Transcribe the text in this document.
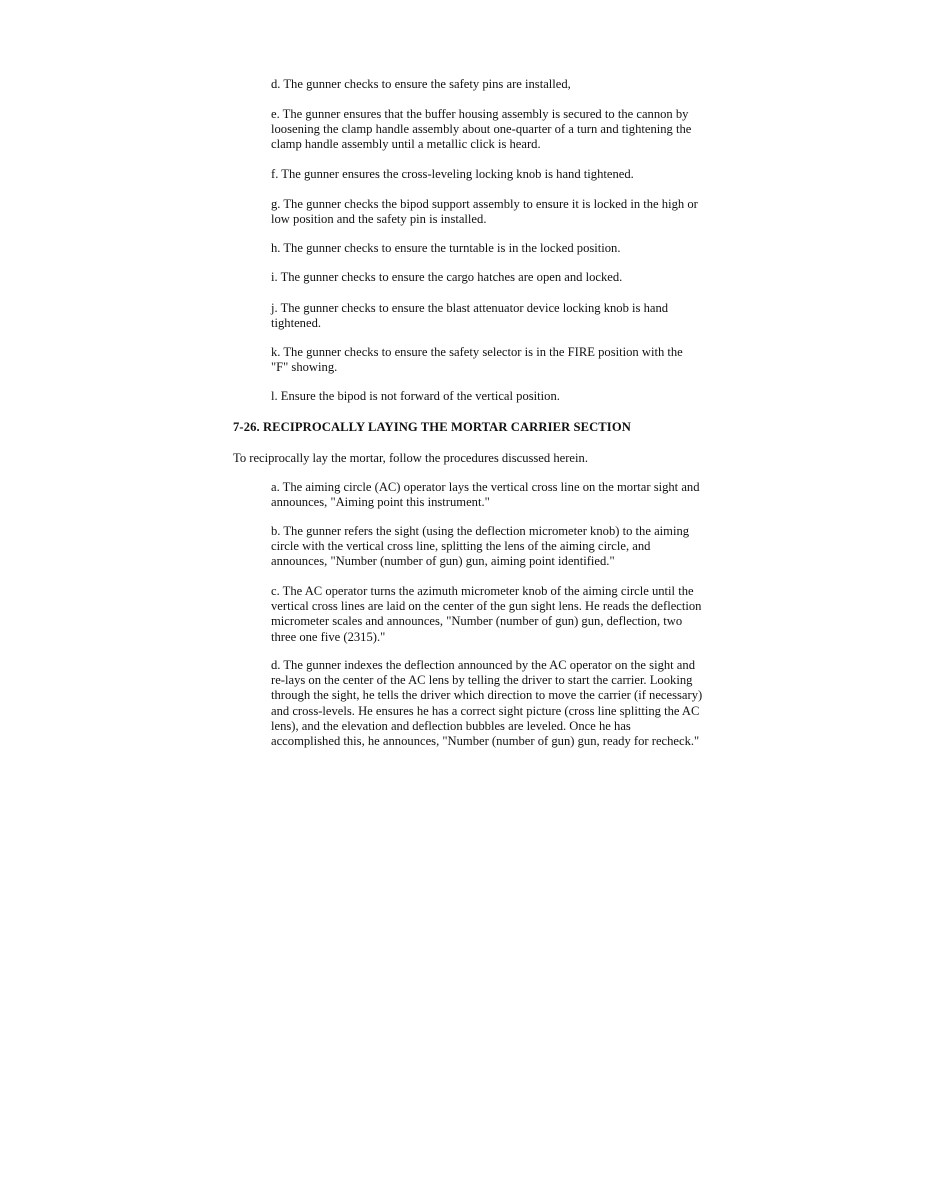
d. The gunner checks to ensure the safety pins are installed,

e. The gunner ensures that the buffer housing assembly is secured to the cannon by loosening the clamp handle assembly about one-quarter of a turn and tightening the clamp handle assembly until a metallic click is heard.

f. The gunner ensures the cross-leveling locking knob is hand tightened.

g. The gunner checks the bipod support assembly to ensure it is locked in the high or low position and the safety pin is installed.

h. The gunner checks to ensure the turntable is in the locked position.

i. The gunner checks to ensure the cargo hatches are open and locked.

j. The gunner checks to ensure the blast attenuator device locking knob is hand tightened.

k. The gunner checks to ensure the safety selector is in the FIRE position with the "F" showing.

l. Ensure the bipod is not forward of the vertical position.

7-26. RECIPROCALLY LAYING THE MORTAR CARRIER SECTION

To reciprocally lay the mortar, follow the procedures discussed herein.

a. The aiming circle (AC) operator lays the vertical cross line on the mortar sight and announces, "Aiming point this instrument."

b. The gunner refers the sight (using the deflection micrometer knob) to the aiming circle with the vertical cross line, splitting the lens of the aiming circle, and announces, "Number (number of gun) gun, aiming point identified."

c. The AC operator turns the azimuth micrometer knob of the aiming circle until the vertical cross lines are laid on the center of the gun sight lens. He reads the deflection micrometer scales and announces, "Number (number of gun) gun, deflection, two three one five (2315)."

d. The gunner indexes the deflection announced by the AC operator on the sight and re-lays on the center of the AC lens by telling the driver to start the carrier. Looking through the sight, he tells the driver which direction to move the carrier (if necessary) and cross-levels. He ensures he has a correct sight picture (cross line splitting the AC lens), and the elevation and deflection bubbles are leveled. Once he has accomplished this, he announces, "Number (number of gun) gun, ready for recheck."
